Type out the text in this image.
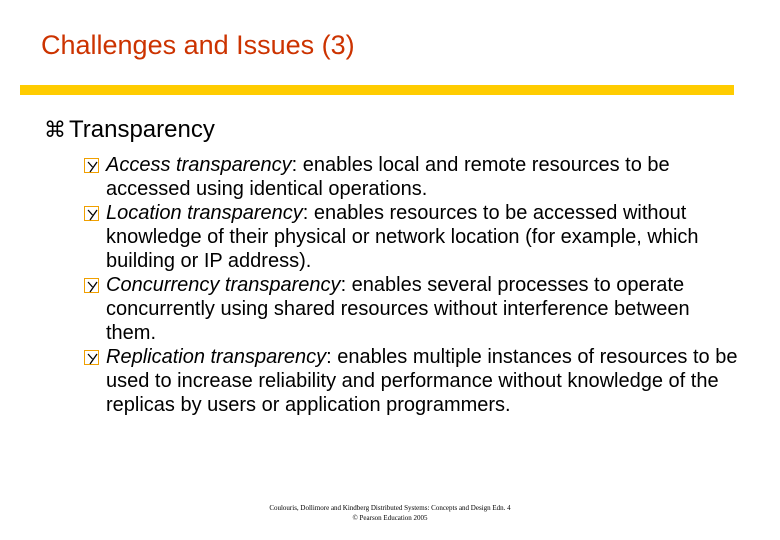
Challenges and Issues (3)
⌘ Transparency

Access transparency: enables local and remote resources to be accessed using identical operations.

Location transparency: enables resources to be accessed without knowledge of their physical or network location (for example, which building or IP address).

Concurrency transparency: enables several processes to operate concurrently using shared resources without interference between them.

Replication transparency: enables multiple instances of resources to be used to increase reliability and performance without knowledge of the replicas by users or application programmers.

Coulouris, Dollimore and Kindberg Distributed Systems: Concepts and Design Edn. 4
© Pearson Education 2005
